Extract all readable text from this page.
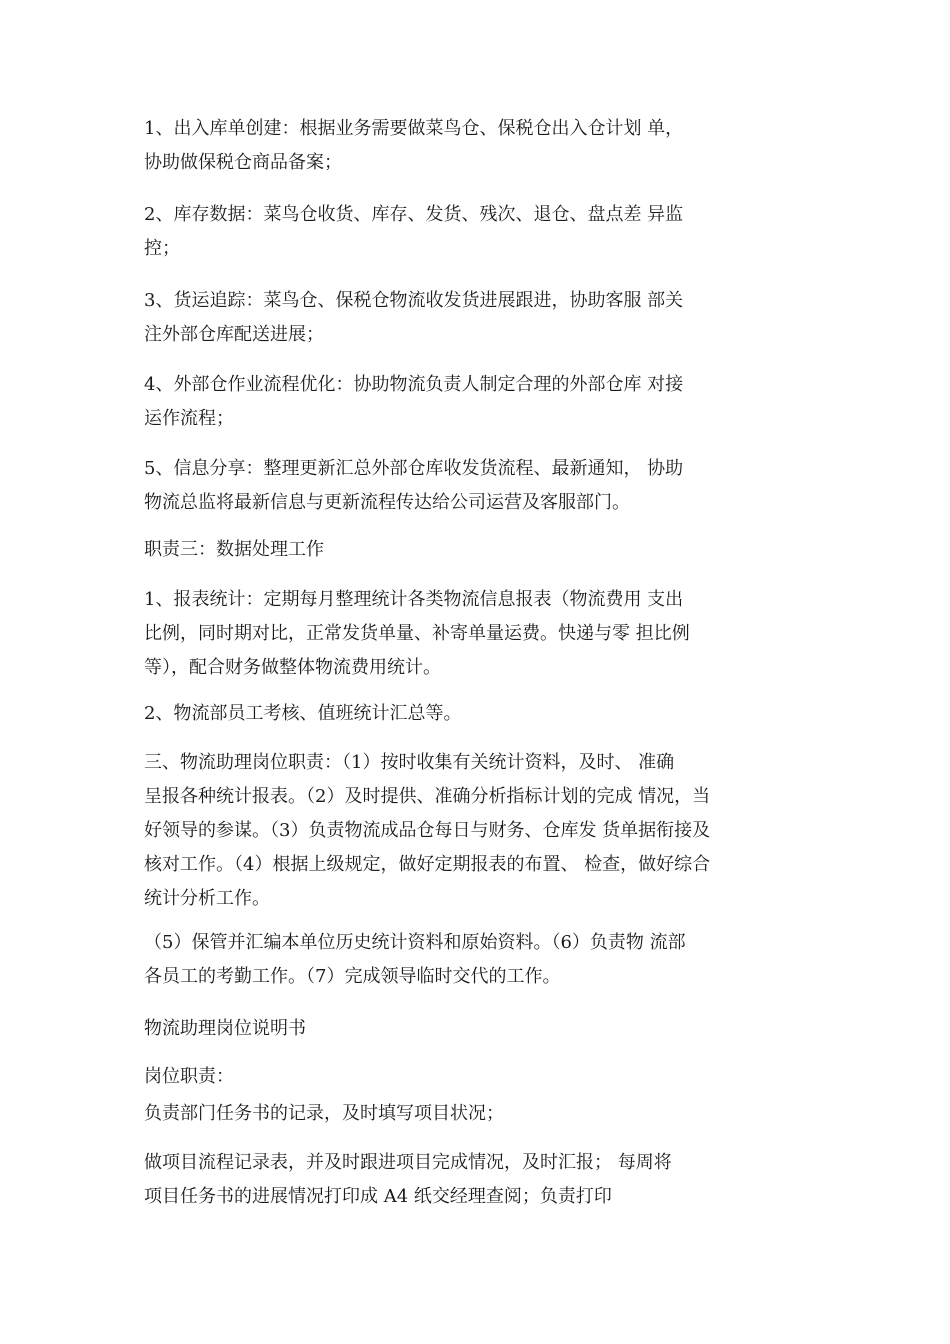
1、出入库单创建：根据业务需要做菜鸟仓、保税仓出入仓计划 单，
协助做保税仓商品备案；
2、库存数据：菜鸟仓收货、库存、发货、残次、退仓、盘点差 异监
控；
3、货运追踪：菜鸟仓、保税仓物流收发货进展跟进，协助客服 部关
注外部仓库配送进展；
4、外部仓作业流程优化：协助物流负责人制定合理的外部仓库 对接
运作流程；
5、信息分享：整理更新汇总外部仓库收发货流程、最新通知， 协助
物流总监将最新信息与更新流程传达给公司运营及客服部门。
职责三：数据处理工作
1、报表统计：定期每月整理统计各类物流信息报表（物流费用 支出
比例，同时期对比，正常发货单量、补寄单量运费。快递与零 担比例
等），配合财务做整体物流费用统计。
2、物流部员工考核、值班统计汇总等。
三、物流助理岗位职责：（1）按时收集有关统计资料，及时、 准确
呈报各种统计报表。（2）及时提供、准确分析指标计划的完成 情况，当
好领导的参谋。（3）负责物流成品仓每日与财务、仓库发 货单据衔接及
核对工作。（4）根据上级规定，做好定期报表的布置、 检查，做好综合
统计分析工作。
（5）保管并汇编本单位历史统计资料和原始资料。（6）负责物 流部
各员工的考勤工作。（7）完成领导临时交代的工作。
物流助理岗位说明书
岗位职责：
负责部门任务书的记录，及时填写项目状况；
做项目流程记录表，并及时跟进项目完成情况，及时汇报； 每周将
项目任务书的进展情况打印成 A4 纸交经理查阅；负责打印
